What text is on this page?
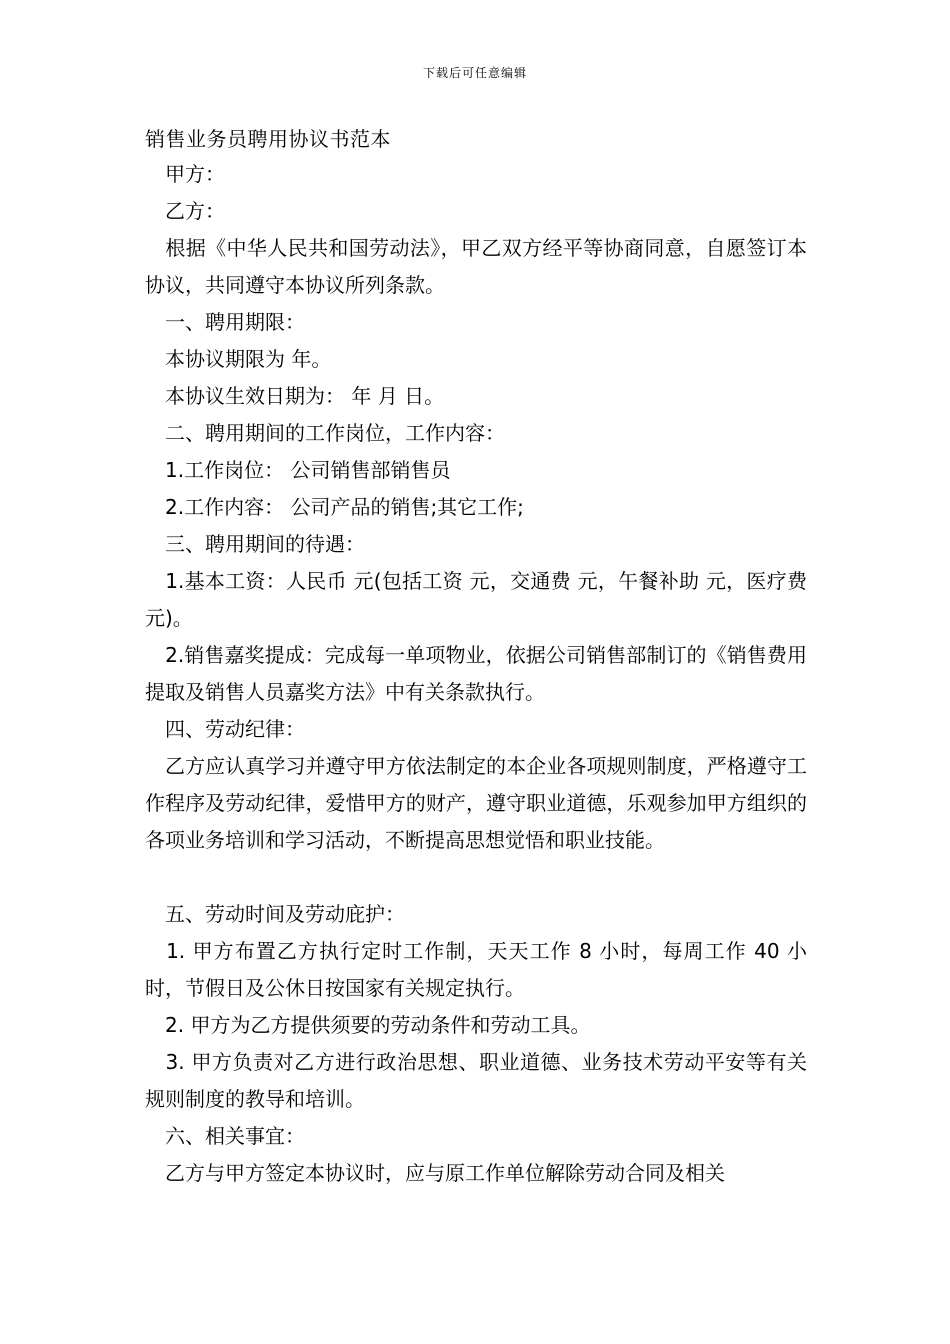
下载后可任意编辑
销售业务员聘用协议书范本
　甲方：
　乙方：
　根据《中华人民共和国劳动法》，甲乙双方经平等协商同意，自愿签订本协议，共同遵守本协议所列条款。
　一、聘用期限：
　本协议期限为 年。
　本协议生效日期为： 年 月 日。
　二、聘用期间的工作岗位，工作内容：
　1.工作岗位： 公司销售部销售员
　2.工作内容： 公司产品的销售;其它工作;
　三、聘用期间的待遇：
　1.基本工资：人民币 元(包括工资 元，交通费 元，午餐补助 元，医疗费 元)。
　2.销售嘉奖提成：完成每一单项物业，依据公司销售部制订的《销售费用提取及销售人员嘉奖方法》中有关条款执行。
　四、劳动纪律：
　乙方应认真学习并遵守甲方依法制定的本企业各项规则制度，严格遵守工作程序及劳动纪律，爱惜甲方的财产，遵守职业道德，乐观参加甲方组织的各项业务培训和学习活动，不断提高思想觉悟和职业技能。
　五、劳动时间及劳动庇护：
　1. 甲方布置乙方执行定时工作制，天天工作 8 小时，每周工作 40 小时，节假日及公休日按国家有关规定执行。
　2. 甲方为乙方提供须要的劳动条件和劳动工具。
　3. 甲方负责对乙方进行政治思想、职业道德、业务技术劳动平安等有关规则制度的教导和培训。
　六、相关事宜：
　乙方与甲方签定本协议时，应与原工作单位解除劳动合同及相关
